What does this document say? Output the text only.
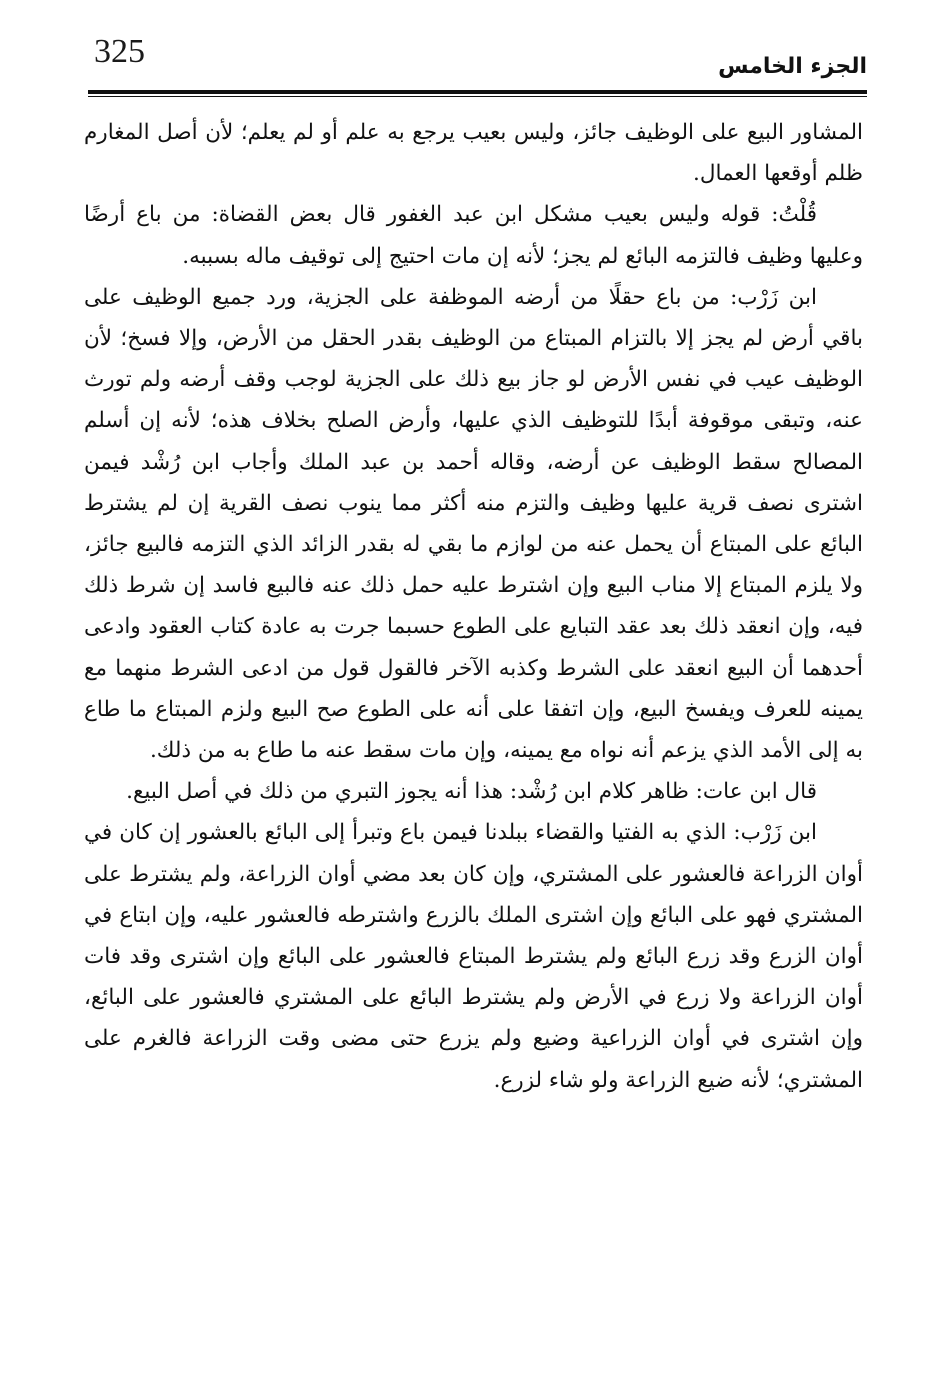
325	الجزء الخامس

المشاور البيع على الوظيف جائز، وليس بعيب يرجع به علم أو لم يعلم؛ لأن أصل المغارم ظلم أوقعها العمال.

قُلْتُ: قوله وليس بعيب مشكل ابن عبد الغفور قال بعض القضاة: من باع أرضًا وعليها وظيف فالتزمه البائع لم يجز؛ لأنه إن مات احتيج إلى توقيف ماله بسببه.

ابن زَرْب: من باع حقلًا من أرضه الموظفة على الجزية، ورد جميع الوظيف على باقي أرض لم يجز إلا بالتزام المبتاع من الوظيف بقدر الحقل من الأرض، وإلا فسخ؛ لأن الوظيف عيب في نفس الأرض لو جاز بيع ذلك على الجزية لوجب وقف أرضه ولم تورث عنه، وتبقى موقوفة أبدًا للتوظيف الذي عليها، وأرض الصلح بخلاف هذه؛ لأنه إن أسلم المصالح سقط الوظيف عن أرضه، وقاله أحمد بن عبد الملك وأجاب ابن رُشْد فيمن اشترى نصف قرية عليها وظيف والتزم منه أكثر مما ينوب نصف القرية إن لم يشترط البائع على المبتاع أن يحمل عنه من لوازم ما بقي له بقدر الزائد الذي التزمه فالبيع جائز، ولا يلزم المبتاع إلا مناب البيع وإن اشترط عليه حمل ذلك عنه فالبيع فاسد إن شرط ذلك فيه، وإن انعقد ذلك بعد عقد التبايع على الطوع حسبما جرت به عادة كتاب العقود وادعى أحدهما أن البيع انعقد على الشرط وكذبه الآخر فالقول قول من ادعى الشرط منهما مع يمينه للعرف ويفسخ البيع، وإن اتفقا على أنه على الطوع صح البيع ولزم المبتاع ما طاع به إلى الأمد الذي يزعم أنه نواه مع يمينه، وإن مات سقط عنه ما طاع به من ذلك.

قال ابن عات: ظاهر كلام ابن رُشْد: هذا أنه يجوز التبري من ذلك في أصل البيع.

ابن زَرْب: الذي به الفتيا والقضاء ببلدنا فيمن باع وتبرأ إلى البائع بالعشور إن كان في أوان الزراعة فالعشور على المشتري، وإن كان بعد مضي أوان الزراعة، ولم يشترط على المشتري فهو على البائع وإن اشترى الملك بالزرع واشترطه فالعشور عليه، وإن ابتاع في أوان الزرع وقد زرع البائع ولم يشترط المبتاع فالعشور على البائع وإن اشترى وقد فات أوان الزراعة ولا زرع في الأرض ولم يشترط البائع على المشتري فالعشور على البائع، وإن اشترى في أوان الزراعية وضيع ولم يزرع حتى مضى وقت الزراعة فالغرم على المشتري؛ لأنه ضيع الزراعة ولو شاء لزرع.
